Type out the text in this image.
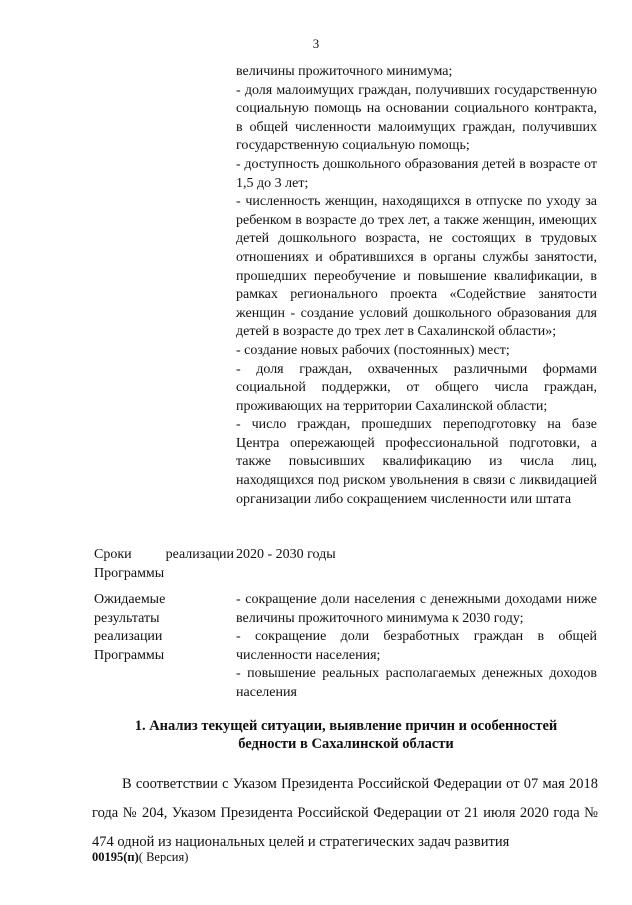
3

величины прожиточного минимума;

- доля малоимущих граждан, получивших государственную социальную помощь на основании социального контракта, в общей численности малоимущих граждан, получивших государственную социальную помощь;

- доступность дошкольного образования детей в возрасте от 1,5 до 3 лет;

- численность женщин, находящихся в отпуске по уходу за ребенком в возрасте до трех лет, а также женщин, имеющих детей дошкольного возраста, не состоящих в трудовых отношениях и обратившихся в органы службы занятости, прошедших переобучение и повышение квалификации, в рамках регионального проекта «Содействие занятости женщин - создание условий дошкольного образования для детей в возрасте до трех лет в Сахалинской области»;

- создание новых рабочих (постоянных) мест;

- доля граждан, охваченных различными формами социальной поддержки, от общего числа граждан, проживающих на территории Сахалинской области;

- число граждан, прошедших переподготовку на базе Центра опережающей профессиональной подготовки, а также повысивших квалификацию из числа лиц, находящихся под риском увольнения в связи с ликвидацией организации либо сокращением численности или штата

Сроки реализации

Программы

2020 - 2030 годы

Ожидаемые

результаты

реализации

Программы

- сокращение доли населения с денежными доходами ниже величины прожиточного минимума к 2030 году;

- сокращение доли безработных граждан в общей численности населения;

- повышение реальных располагаемых денежных доходов населения

1. Анализ текущей ситуации, выявление причин и особенностей

бедности в Сахалинской области

В соответствии с Указом Президента Российской Федерации от 07 мая 2018 года № 204, Указом Президента Российской Федерации от 21 июля 2020 года № 474 одной из национальных целей и стратегических задач развития

00195(п)( Версия)
